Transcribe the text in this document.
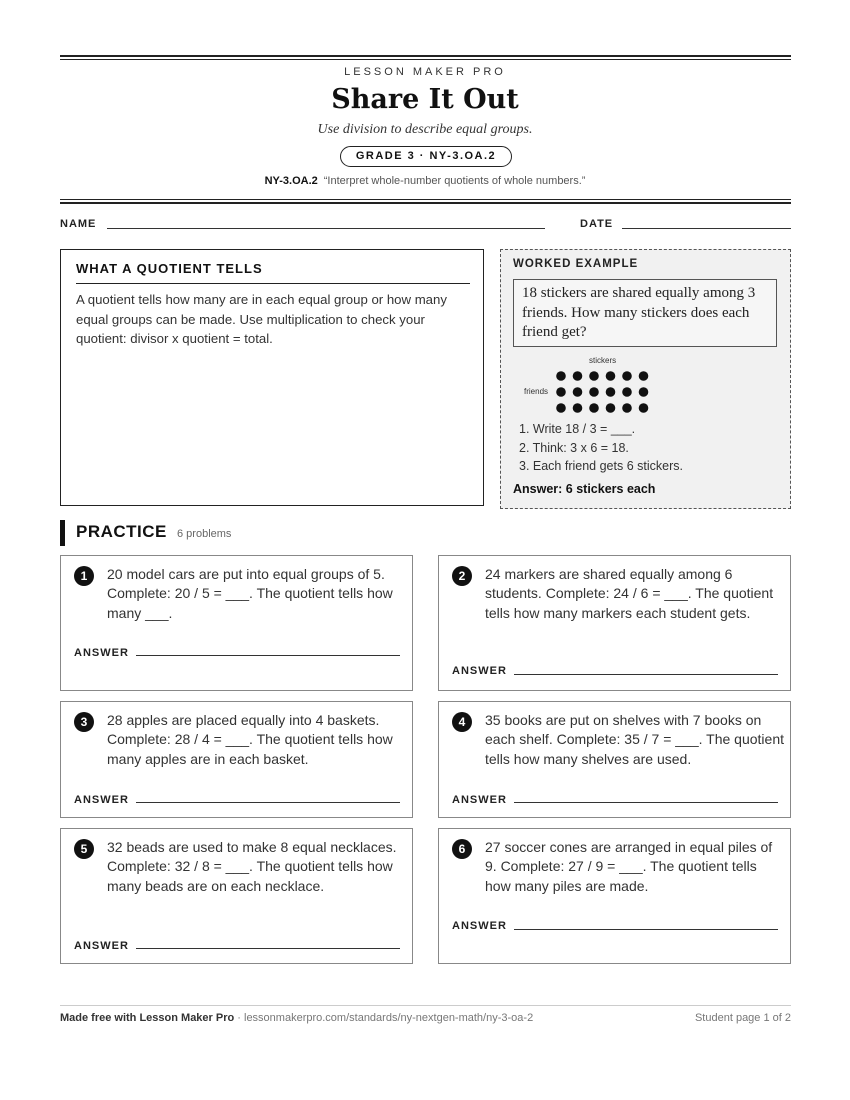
LESSON MAKER PRO
Share It Out
Use division to describe equal groups.
GRADE 3 · NY-3.OA.2
NY-3.OA.2 “Interpret whole-number quotients of whole numbers.”
NAME	DATE
WHAT A QUOTIENT TELLS
A quotient tells how many are in each equal group or how many equal groups can be made. Use multiplication to check your quotient: divisor x quotient = total.
WORKED EXAMPLE
18 stickers are shared equally among 3 friends. How many stickers does each friend get?
stickers
friends
1. Write 18 / 3 = ___.
2. Think: 3 x 6 = 18.
3. Each friend gets 6 stickers.
Answer: 6 stickers each
PRACTICE 6 problems
1	20 model cars are put into equal groups of 5. Complete: 20 / 5 = ___. The quotient tells how many ___.
ANSWER
2	24 markers are shared equally among 6 students. Complete: 24 / 6 = ___. The quotient tells how many markers each student gets.
ANSWER
3	28 apples are placed equally into 4 baskets. Complete: 28 / 4 = ___. The quotient tells how many apples are in each basket.
ANSWER
4	35 books are put on shelves with 7 books on each shelf. Complete: 35 / 7 = ___. The quotient tells how many shelves are used.
ANSWER
5	32 beads are used to make 8 equal necklaces. Complete: 32 / 8 = ___. The quotient tells how many beads are on each necklace.
ANSWER
6	27 soccer cones are arranged in equal piles of 9. Complete: 27 / 9 = ___. The quotient tells how many piles are made.
ANSWER
Made free with Lesson Maker Pro · lessonmakerpro.com/standards/ny-nextgen-math/ny-3-oa-2	Student page 1 of 2
